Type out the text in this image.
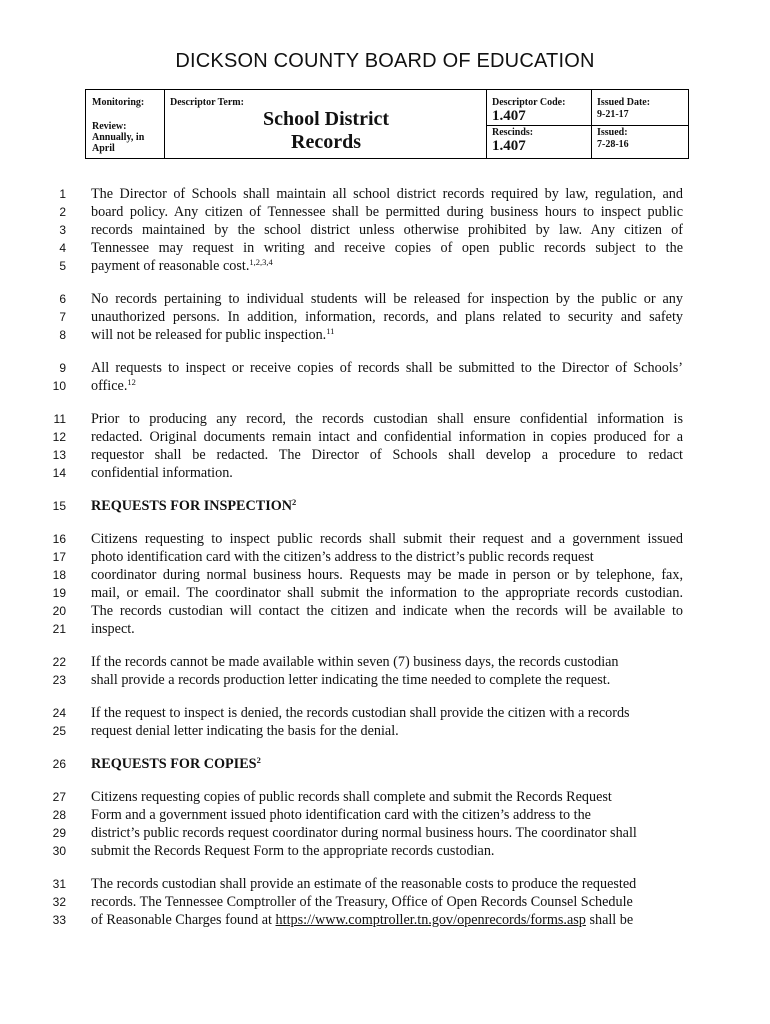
DICKSON COUNTY BOARD OF EDUCATION
Monitoring:
Review:
Annually, in
April
Descriptor Term:
School District Records
Descriptor Code:
1.407
Rescinds:
1.407
Issued Date:
9-21-17
Issued:
7-28-16
1 The Director of Schools shall maintain all school district records required by law, regulation, and
2 board policy. Any citizen of Tennessee shall be permitted during business hours to inspect public
3 records maintained by the school district unless otherwise prohibited by law. Any citizen of
4 Tennessee may request in writing and receive copies of open public records subject to the
5 payment of reasonable cost.$^{1,2,3,4}$
6 No records pertaining to individual students will be released for inspection by the public or any
7 unauthorized persons. In addition, information, records, and plans related to security and safety
8 will not be released for public inspection.$^{11}$
9 All requests to inspect or receive copies of records shall be submitted to the Director of Schools’
10 office.$^{12}$
11 Prior to producing any record, the records custodian shall ensure confidential information is
12 redacted. Original documents remain intact and confidential information in copies produced for a
13 requestor shall be redacted. The Director of Schools shall develop a procedure to redact
14 confidential information.
15 REQUESTS FOR INSPECTION$^2$
16 Citizens requesting to inspect public records shall submit their request and a government issued
17 photo identification card with the citizen’s address to the district’s public records request
18 coordinator during normal business hours. Requests may be made in person or by telephone, fax,
19 mail, or email. The coordinator shall submit the information to the appropriate records custodian.
20 The records custodian will contact the citizen and indicate when the records will be available to
21 inspect.
22 If the records cannot be made available within seven (7) business days, the records custodian
23 shall provide a records production letter indicating the time needed to complete the request.
24 If the request to inspect is denied, the records custodian shall provide the citizen with a records
25 request denial letter indicating the basis for the denial.
26 REQUESTS FOR COPIES$^2$
27 Citizens requesting copies of public records shall complete and submit the Records Request
28 Form and a government issued photo identification card with the citizen’s address to the
29 district’s public records request coordinator during normal business hours. The coordinator shall
30 submit the Records Request Form to the appropriate records custodian.
31 The records custodian shall provide an estimate of the reasonable costs to produce the requested
32 records. The Tennessee Comptroller of the Treasury, Office of Open Records Counsel Schedule
33 of Reasonable Charges found at https://www.comptroller.tn.gov/openrecords/forms.asp shall be
